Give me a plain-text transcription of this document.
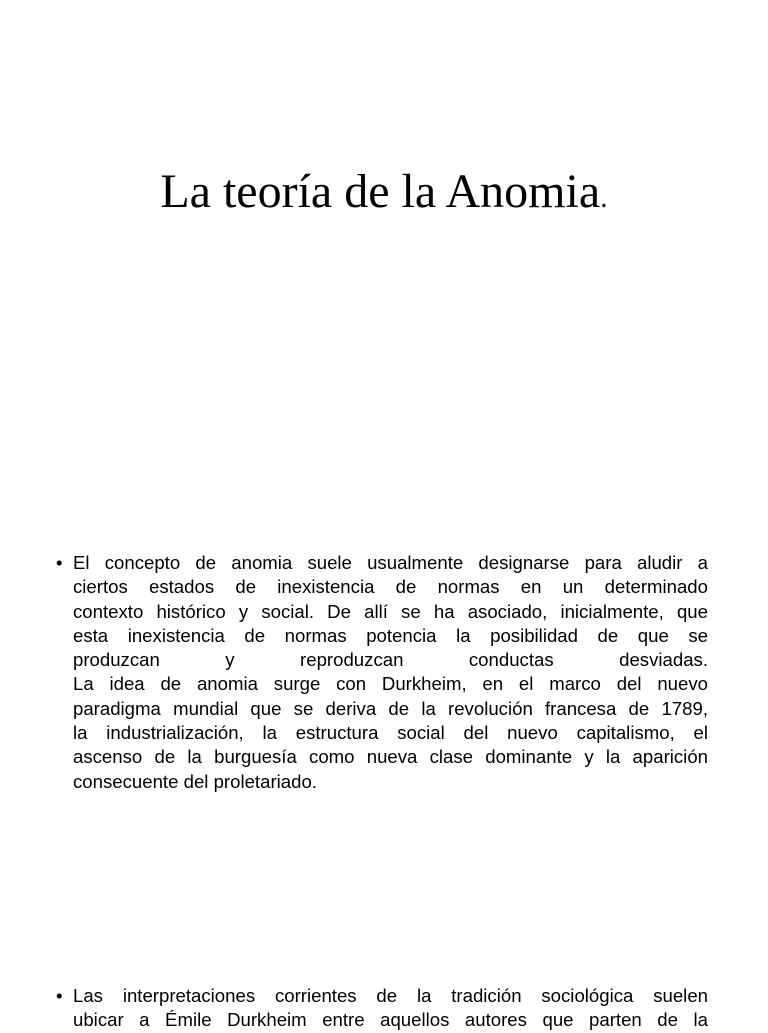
La teoría de la Anomia.
• El concepto de anomia suele usualmente designarse para aludir a
ciertos estados de inexistencia de normas en un determinado
contexto histórico y social. De allí se ha asociado, inicialmente, que
esta inexistencia de normas potencia la posibilidad de que se
produzcan y reproduzcan conductas desviadas.
La idea de anomia surge con Durkheim, en el marco del nuevo
paradigma mundial que se deriva de la revolución francesa de 1789,
la industrialización, la estructura social del nuevo capitalismo, el
ascenso de la burguesía como nueva clase dominante y la aparición
consecuente del proletariado.
• Las interpretaciones corrientes de la tradición sociológica suelen
ubicar a Émile Durkheim entre aquellos autores que parten de la
